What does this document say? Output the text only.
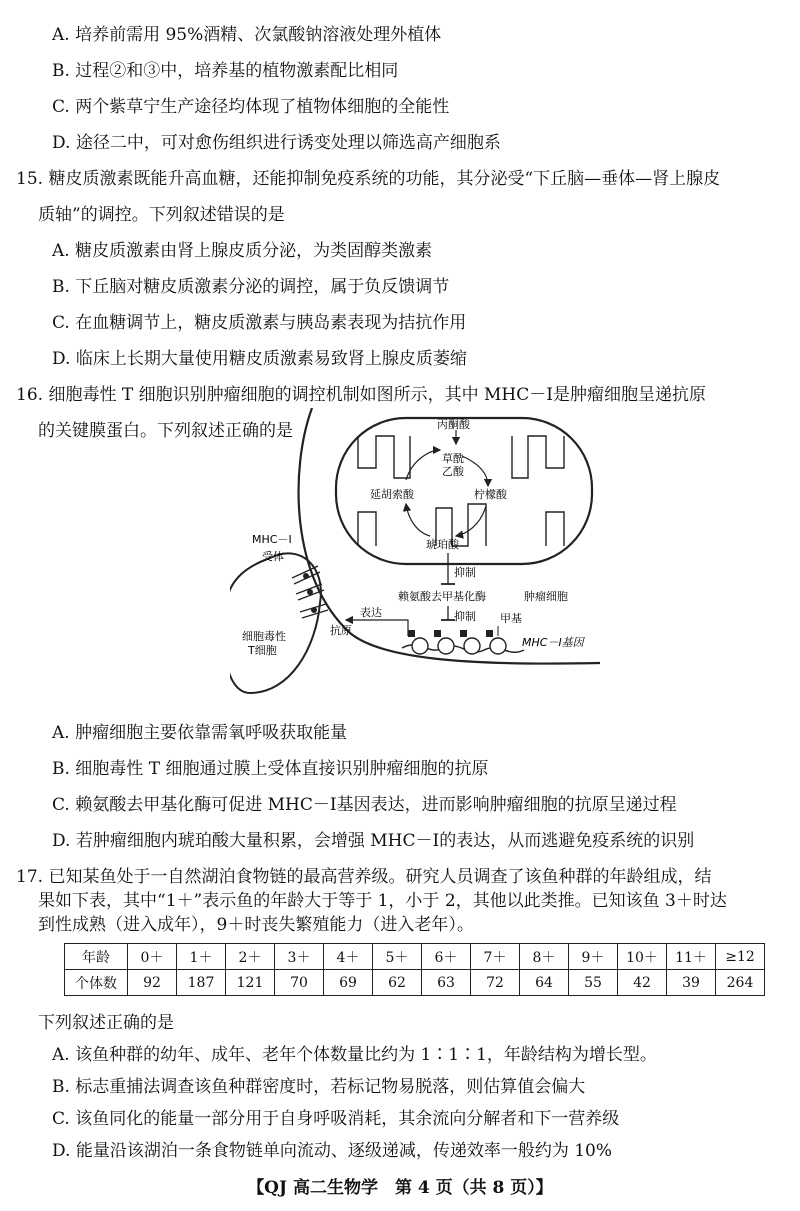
A. 培养前需用 95%酒精、次氯酸钠溶液处理外植体
B. 过程②和③中，培养基的植物激素配比相同
C. 两个紫草宁生产途径均体现了植物体细胞的全能性
D. 途径二中，可对愈伤组织进行诱变处理以筛选高产细胞系
15. 糖皮质激素既能升高血糖，还能抑制免疫系统的功能，其分泌受“下丘脑—垂体—肾上腺皮
质轴”的调控。下列叙述错误的是
A. 糖皮质激素由肾上腺皮质分泌，为类固醇类激素
B. 下丘脑对糖皮质激素分泌的调控，属于负反馈调节
C. 在血糖调节上，糖皮质激素与胰岛素表现为拮抗作用
D. 临床上长期大量使用糖皮质激素易致肾上腺皮质萎缩
16. 细胞毒性 T 细胞识别肿瘤细胞的调控机制如图所示，其中 MHC－Ⅰ是肿瘤细胞呈递抗原
的关键膜蛋白。下列叙述正确的是	丙酮酸
草酰
乙酸
延胡索酸	柠檬酸
琥珀酸
抑制
赖氨酸去甲基化酶	肿瘤细胞
抑制
表达	甲基
MHC－Ⅰ基因
细胞毒性
T细胞
MHC－Ⅰ
受体
抗原
A. 肿瘤细胞主要依靠需氧呼吸获取能量
B. 细胞毒性 T 细胞通过膜上受体直接识别肿瘤细胞的抗原
C. 赖氨酸去甲基化酶可促进 MHC－Ⅰ基因表达，进而影响肿瘤细胞的抗原呈递过程
D. 若肿瘤细胞内琥珀酸大量积累，会增强 MHC－Ⅰ的表达，从而逃避免疫系统的识别
17. 已知某鱼处于一自然湖泊食物链的最高营养级。研究人员调查了该鱼种群的年龄组成，结
果如下表，其中“1＋”表示鱼的年龄大于等于 1，小于 2，其他以此类推。已知该鱼 3＋时达
到性成熟（进入成年），9＋时丧失繁殖能力（进入老年）。
年龄	0＋	1＋	2＋	3＋	4＋	5＋	6＋	7＋	8＋	9＋	10＋	11＋	≥12
个体数	92	187	121	70	69	62	63	72	64	55	42	39	264
下列叙述正确的是
A. 该鱼种群的幼年、成年、老年个体数量比约为 1∶1∶1，年龄结构为增长型。
B. 标志重捕法调查该鱼种群密度时，若标记物易脱落，则估算值会偏大
C. 该鱼同化的能量一部分用于自身呼吸消耗，其余流向分解者和下一营养级
D. 能量沿该湖泊一条食物链单向流动、逐级递减，传递效率一般约为 10%
【QJ 高二生物学　第 4 页（共 8 页）】
